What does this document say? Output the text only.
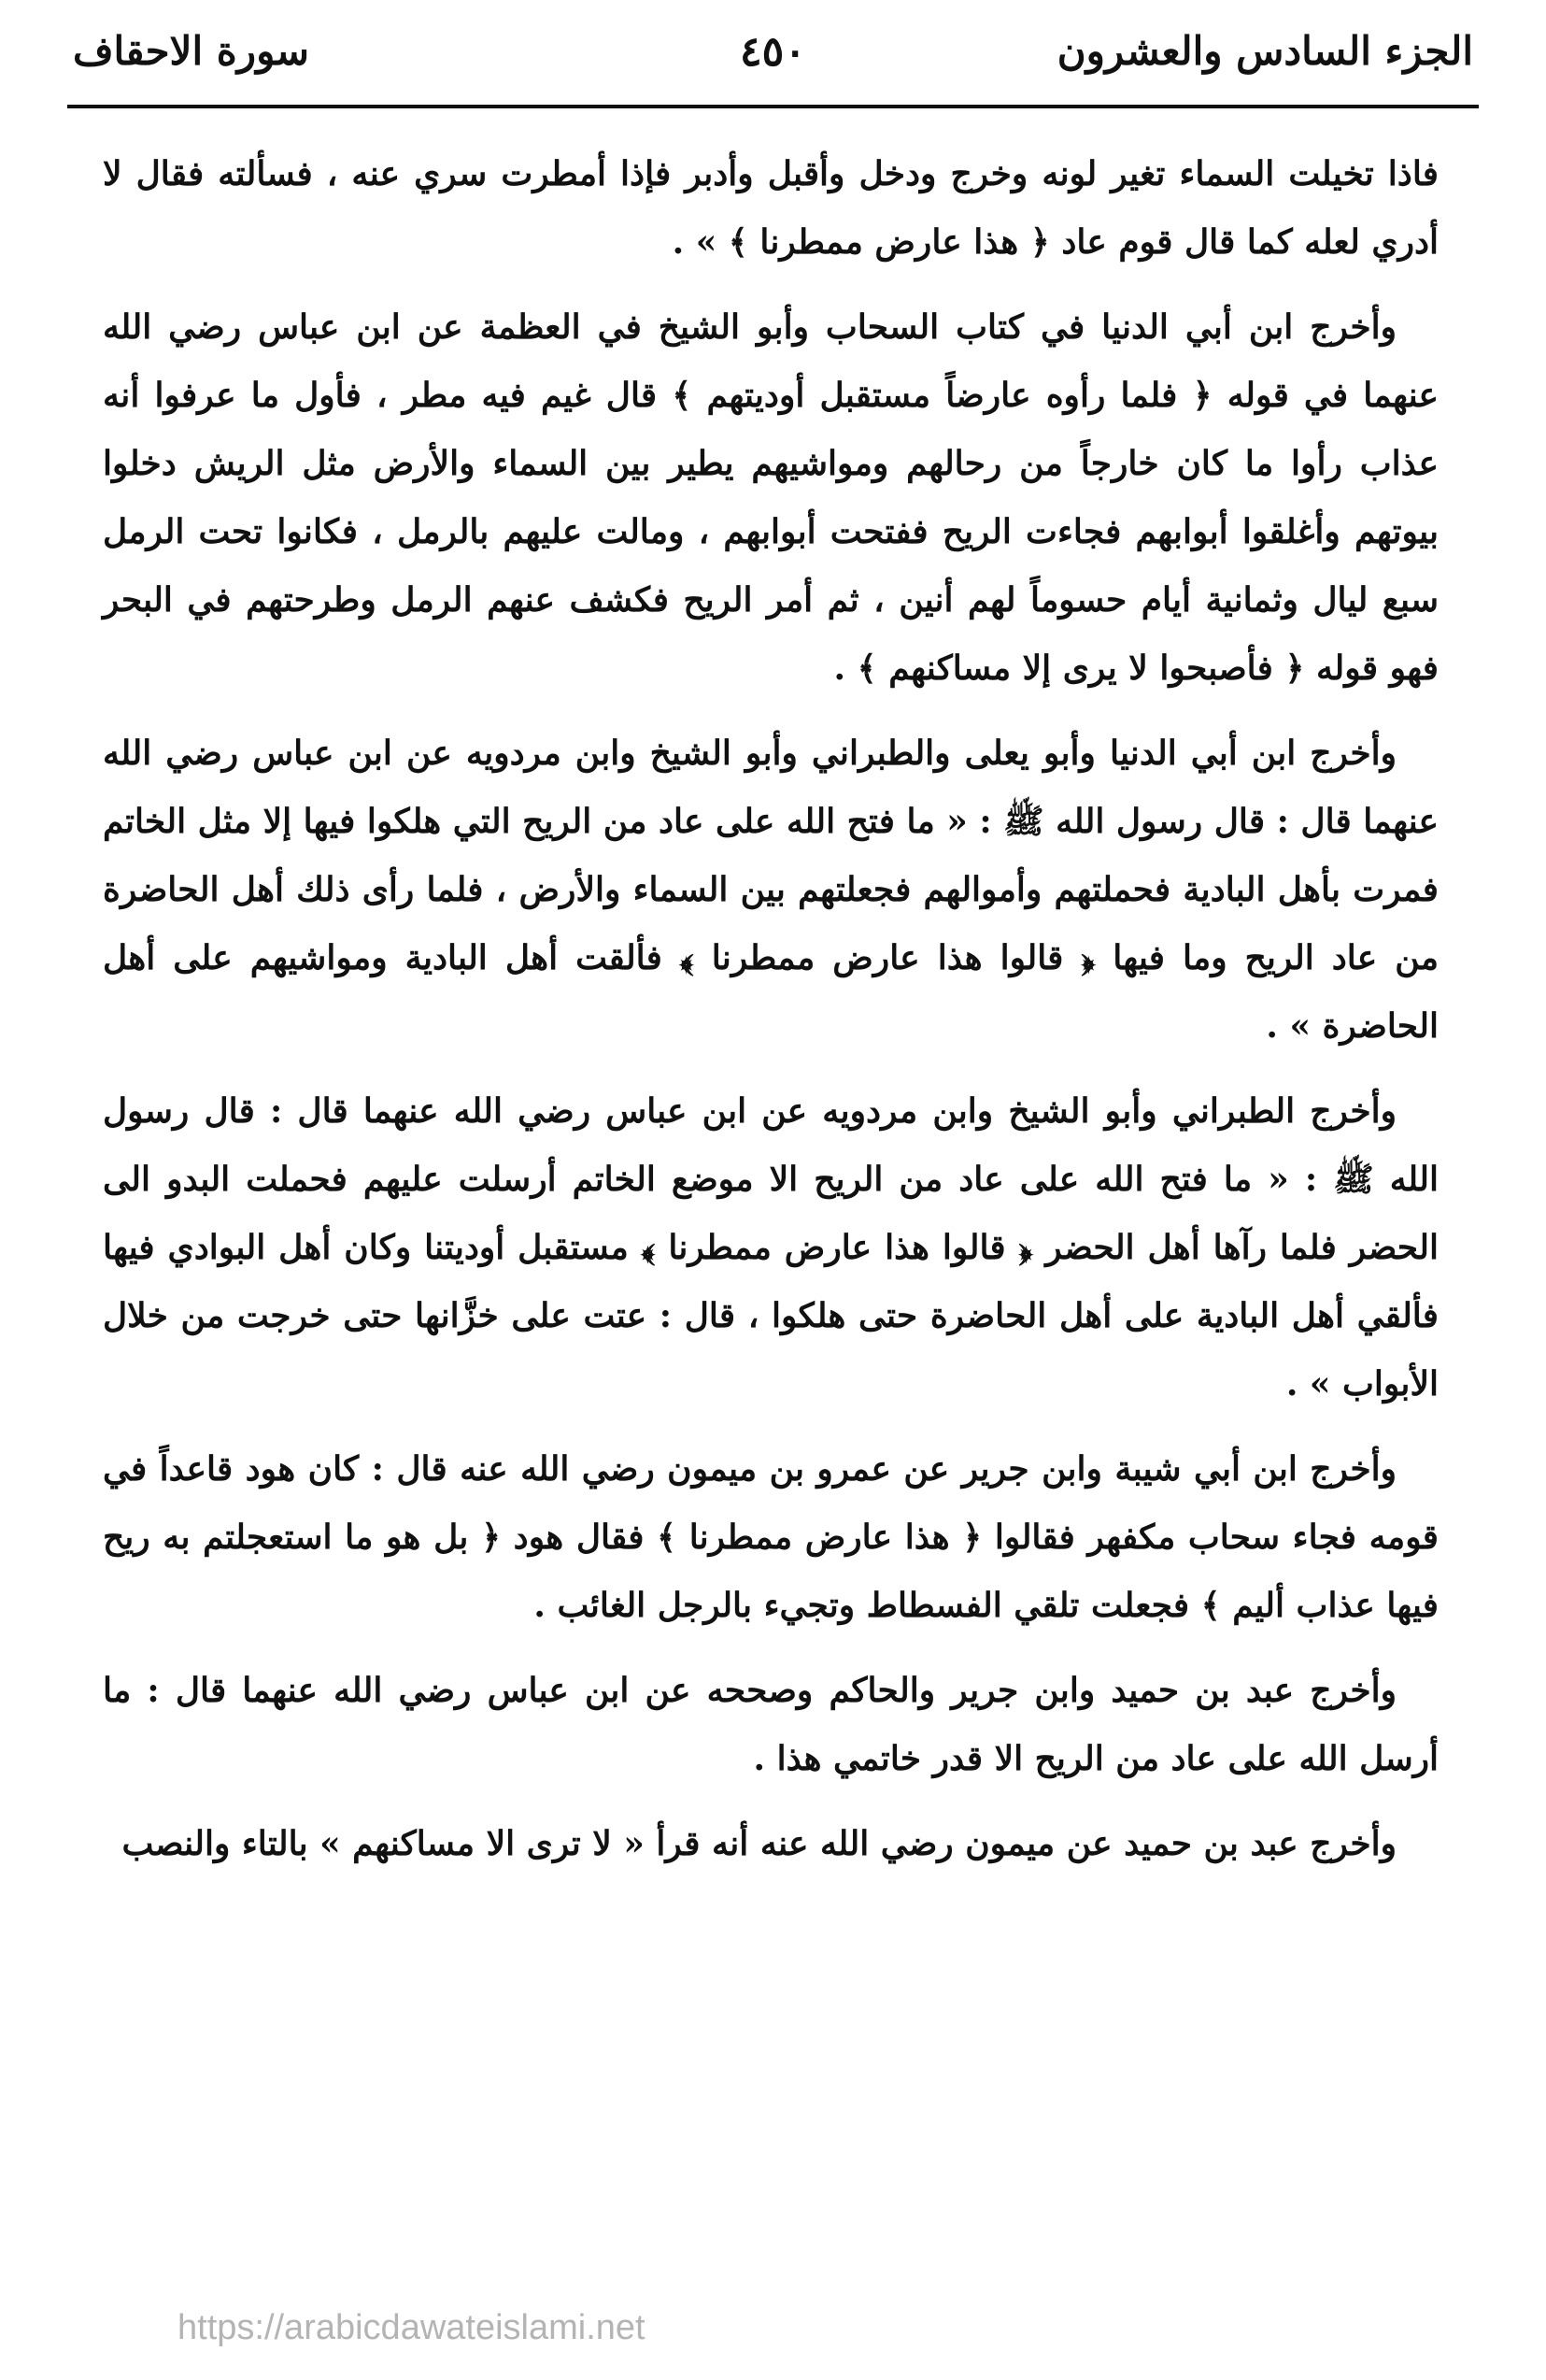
الجزء السادس والعشرون
٤٥٠
سورة الاحقاف

فاذا تخيلت السماء تغير لونه وخرج ودخل وأقبل وأدبر فإذا أمطرت سري عنه ، فسألته فقال لا أدري لعله كما قال قوم عاد ﴿ هذا عارض ممطرنا ﴾ » .

وأخرج ابن أبي الدنيا في كتاب السحاب وأبو الشيخ في العظمة عن ابن عباس رضي الله عنهما في قوله ﴿ فلما رأوه عارضاً مستقبل أوديتهم ﴾ قال غيم فيه مطر ، فأول ما عرفوا أنه عذاب رأوا ما كان خارجاً من رحالهم ومواشيهم يطير بين السماء والأرض مثل الريش دخلوا بيوتهم وأغلقوا أبوابهم فجاءت الريح ففتحت أبوابهم ، ومالت عليهم بالرمل ، فكانوا تحت الرمل سبع ليال وثمانية أيام حسوماً لهم أنين ، ثم أمر الريح فكشف عنهم الرمل وطرحتهم في البحر فهو قوله ﴿ فأصبحوا لا يرى إلا مساكنهم ﴾ .

وأخرج ابن أبي الدنيا وأبو يعلى والطبراني وأبو الشيخ وابن مردويه عن ابن عباس رضي الله عنهما قال : قال رسول الله ﷺ : « ما فتح الله على عاد من الريح التي هلكوا فيها إلا مثل الخاتم فمرت بأهل البادية فحملتهم وأموالهم فجعلتهم بين السماء والأرض ، فلما رأى ذلك أهل الحاضرة من عاد الريح وما فيها ﴿ قالوا هذا عارض ممطرنا ﴾ فألقت أهل البادية ومواشيهم على أهل الحاضرة » .

وأخرج الطبراني وأبو الشيخ وابن مردويه عن ابن عباس رضي الله عنهما قال : قال رسول الله ﷺ : « ما فتح الله على عاد من الريح الا موضع الخاتم أرسلت عليهم فحملت البدو الى الحضر فلما رآها أهل الحضر ﴿ قالوا هذا عارض ممطرنا ﴾ مستقبل أوديتنا وكان أهل البوادي فيها فألقي أهل البادية على أهل الحاضرة حتى هلكوا ، قال : عتت على خزَّانها حتى خرجت من خلال الأبواب » .

وأخرج ابن أبي شيبة وابن جرير عن عمرو بن ميمون رضي الله عنه قال : كان هود قاعداً في قومه فجاء سحاب مكفهر فقالوا ﴿ هذا عارض ممطرنا ﴾ فقال هود ﴿ بل هو ما استعجلتم به ريح فيها عذاب أليم ﴾ فجعلت تلقي الفسطاط وتجيء بالرجل الغائب .

وأخرج عبد بن حميد وابن جرير والحاكم وصححه عن ابن عباس رضي الله عنهما قال : ما أرسل الله على عاد من الريح الا قدر خاتمي هذا .

وأخرج عبد بن حميد عن ميمون رضي الله عنه أنه قرأ « لا ترى الا مساكنهم » بالتاء والنصب

https://arabicdawateislami.net
